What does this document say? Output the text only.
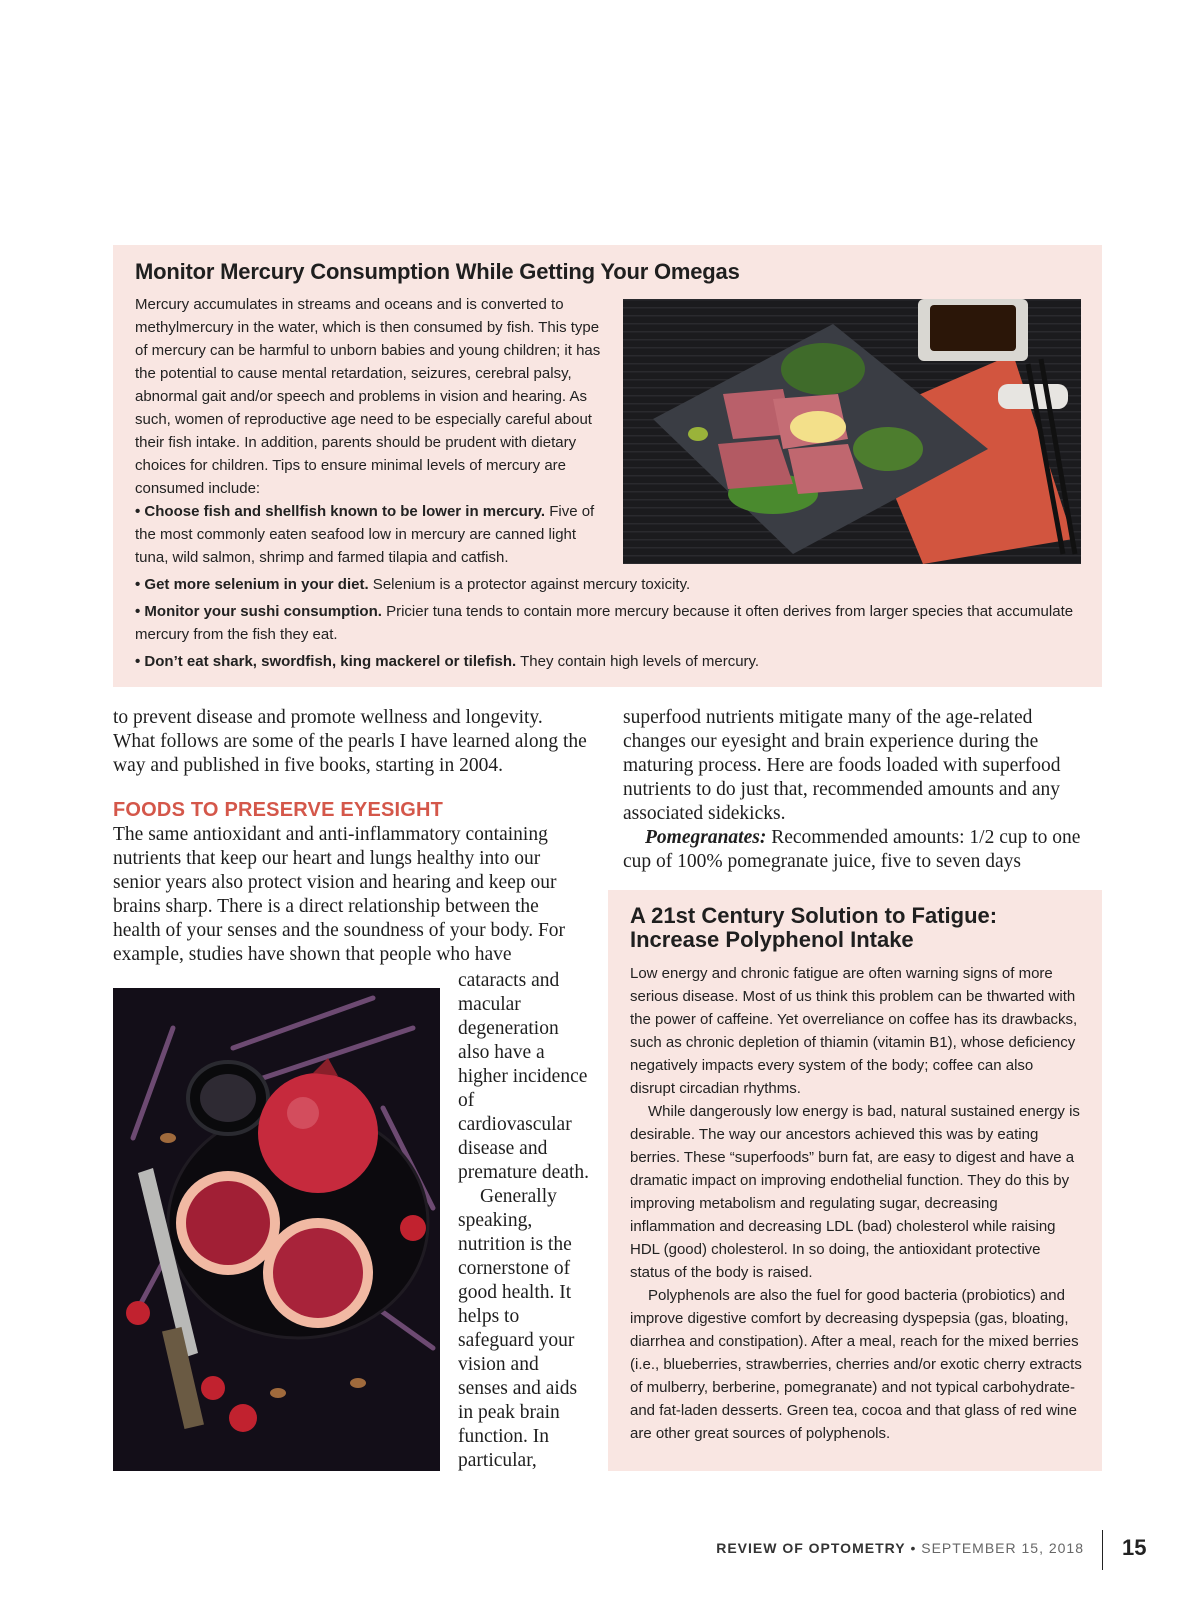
Monitor Mercury Consumption While Getting Your Omegas

Mercury accumulates in streams and oceans and is converted to methylmercury in the water, which is then consumed by fish. This type of mercury can be harmful to unborn babies and young children; it has the potential to cause mental retardation, seizures, cerebral palsy, abnormal gait and/or speech and problems in vision and hearing. As such, women of reproductive age need to be especially careful about their fish intake. In addition, parents should be prudent with dietary choices for children. Tips to ensure minimal levels of mercury are consumed include:

• Choose fish and shellfish known to be lower in mercury. Five of the most commonly eaten seafood low in mercury are canned light tuna, wild salmon, shrimp and farmed tilapia and catfish.

• Get more selenium in your diet. Selenium is a protector against mercury toxicity.

• Monitor your sushi consumption. Pricier tuna tends to contain more mercury because it often derives from larger species that accumulate mercury from the fish they eat.

• Don’t eat shark, swordfish, king mackerel or tilefish. They contain high levels of mercury.

to prevent disease and promote wellness and longevity. What follows are some of the pearls I have learned along the way and published in five books, starting in 2004.

FOODS TO PRESERVE EYESIGHT

The same antioxidant and anti-inflammatory containing nutrients that keep our heart and lungs healthy into our senior years also protect vision and hearing and keep our brains sharp. There is a direct relationship between the health of your senses and the soundness of your body. For example, studies have shown that people who have

cataracts and macular degeneration also have a higher incidence of cardiovascular disease and premature death.

Generally speaking, nutrition is the cornerstone of good health. It helps to safeguard your vision and senses and aids in peak brain function. In particular,

superfood nutrients mitigate many of the age-related changes our eyesight and brain experience during the maturing process. Here are foods loaded with superfood nutrients to do just that, recommended amounts and any associated sidekicks.

Pomegranates: Recommended amounts: 1/2 cup to one cup of 100% pomegranate juice, five to seven days

A 21st Century Solution to Fatigue: Increase Polyphenol Intake

Low energy and chronic fatigue are often warning signs of more serious disease. Most of us think this problem can be thwarted with the power of caffeine. Yet overreliance on coffee has its drawbacks, such as chronic depletion of thiamin (vitamin B1), whose deficiency negatively impacts every system of the body; coffee can also disrupt circadian rhythms.

While dangerously low energy is bad, natural sustained energy is desirable. The way our ancestors achieved this was by eating berries. These “superfoods” burn fat, are easy to digest and have a dramatic impact on improving endothelial function. They do this by improving metabolism and regulating sugar, decreasing inflammation and decreasing LDL (bad) cholesterol while raising HDL (good) cholesterol. In so doing, the antioxidant protective status of the body is raised.

Polyphenols are also the fuel for good bacteria (probiotics) and improve digestive comfort by decreasing dyspepsia (gas, bloating, diarrhea and constipation). After a meal, reach for the mixed berries (i.e., blueberries, strawberries, cherries and/or exotic cherry extracts of mulberry, berberine, pomegranate) and not typical carbohydrate- and fat-laden desserts. Green tea, cocoa and that glass of red wine are other great sources of polyphenols.

REVIEW OF OPTOMETRY • SEPTEMBER 15, 2018 15
